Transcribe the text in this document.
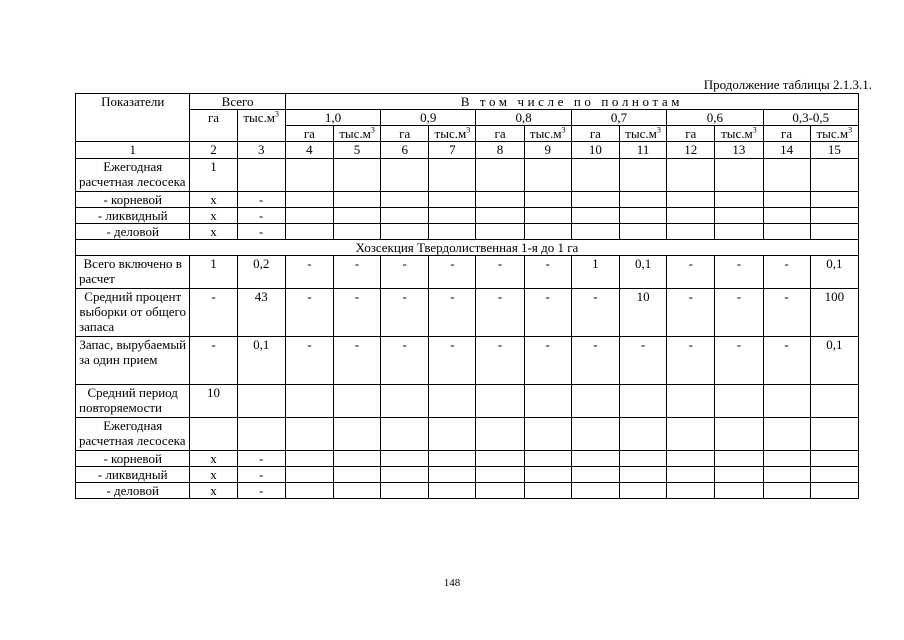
Продолжение таблицы 2.1.3.1.
Показатели	Всего		В том числе по полнотам											
	га	$тыс.м^3$	1,0		0,9		0,8		0,7		0,6		0,3-0,5	
			га	$тыс.м^3$	га	$тыс.м^3$	га	$тыс.м^3$	га	$тыс.м^3$	га	$тыс.м^3$	га	$тыс.м^3$
1	2	3	4	5	6	7	8	9	10	11	12	13	14	15
Ежегодная расчетная лесосека	1													
- корневой	х	-												
- ликвидный	х	-												
- деловой	х	-												
Хозсекция Твердолиственная 1-я до 1 га														
Всего включено в расчет	1	0,2	-	-	-	-	-	-	1	0,1	-	-	-	0,1
Средний процент выборки от общего запаса	-	43	-	-	-	-	-	-	-	10	-	-	-	100
Запас, вырубаемый за один прием	-	0,1	-	-	-	-	-	-	-	-	-	-	-	0,1
Средний период повторяемости	10													
Ежегодная расчетная лесосека														
- корневой	х	-												
- ликвидный	х	-												
- деловой	х	-												
148
